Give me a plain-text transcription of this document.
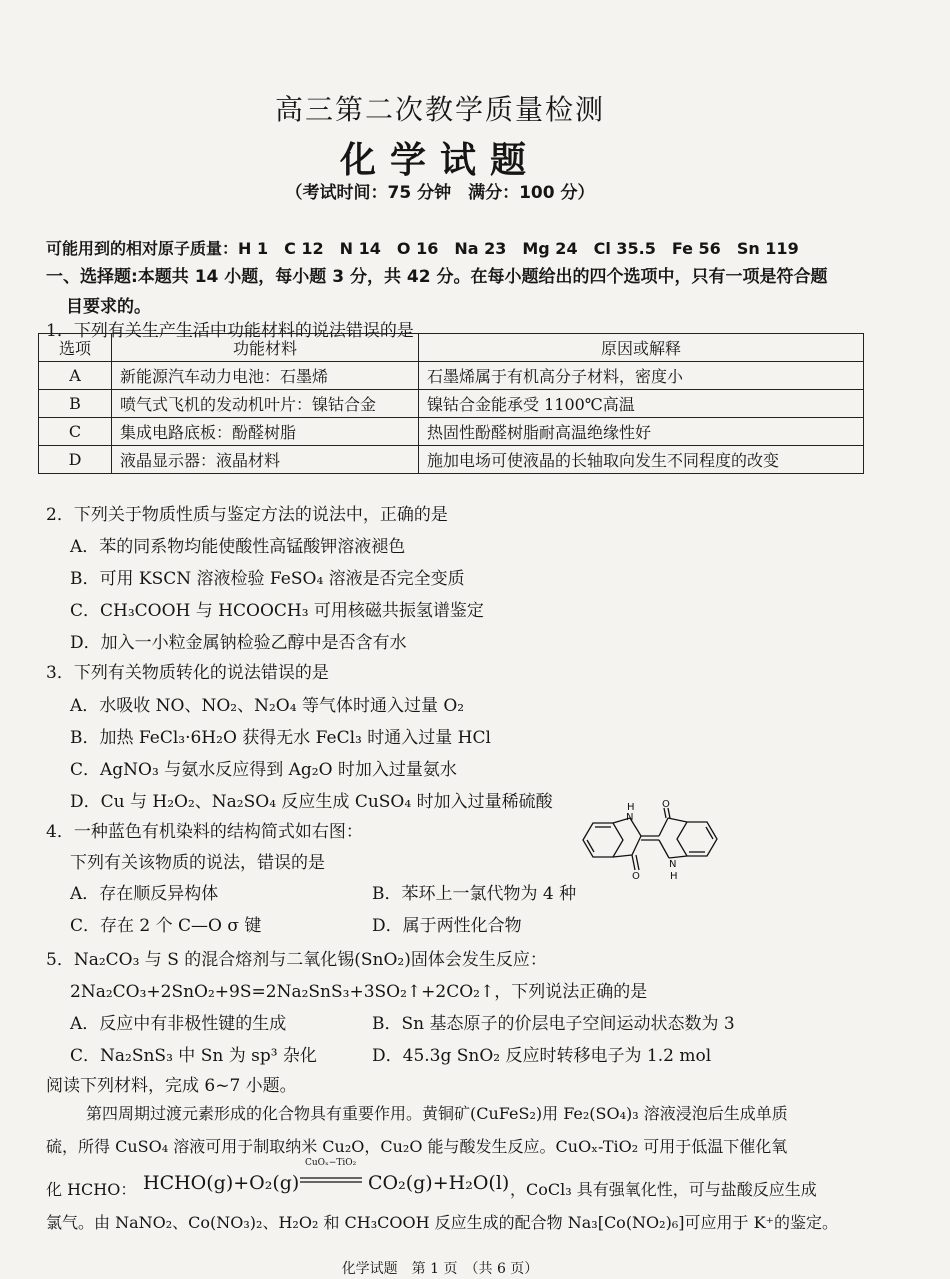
高三第二次教学质量检测
化学试题
（考试时间：75 分钟　满分：100 分）
可能用到的相对原子质量：H 1　C 12　N 14　O 16　Na 23　Mg 24　Cl 35.5　Fe 56　Sn 119
一、选择题:本题共 14 小题，每小题 3 分，共 42 分。在每小题给出的四个选项中，只有一项是符合题
目要求的。
1．下列有关生产生活中功能材料的说法错误的是
选项	功能材料	原因或解释
A	新能源汽车动力电池：石墨烯	石墨烯属于有机高分子材料，密度小
B	喷气式飞机的发动机叶片：镍钴合金	镍钴合金能承受 1100℃高温
C	集成电路底板：酚醛树脂	热固性酚醛树脂耐高温绝缘性好
D	液晶显示器：液晶材料	施加电场可使液晶的长轴取向发生不同程度的改变
2．下列关于物质性质与鉴定方法的说法中，正确的是
A．苯的同系物均能使酸性高锰酸钾溶液褪色
B．可用 KSCN 溶液检验 FeSO₄ 溶液是否完全变质
C．CH₃COOH 与 HCOOCH₃ 可用核磁共振氢谱鉴定
D．加入一小粒金属钠检验乙醇中是否含有水
3．下列有关物质转化的说法错误的是
A．水吸收 NO、NO₂、N₂O₄ 等气体时通入过量 O₂
B．加热 FeCl₃·6H₂O 获得无水 FeCl₃ 时通入过量 HCl
C．AgNO₃ 与氨水反应得到 Ag₂O 时加入过量氨水
D．Cu 与 H₂O₂、Na₂SO₄ 反应生成 CuSO₄ 时加入过量稀硫酸
4．一种蓝色有机染料的结构简式如右图：
下列有关该物质的说法，错误的是
A．存在顺反异构体	B．苯环上一氯代物为 4 种
C．存在 2 个 C—O σ 键	D．属于两性化合物
H
N
O	H
N
O
5．Na₂CO₃ 与 S 的混合熔剂与二氧化锡(SnO₂)固体会发生反应：
2Na₂CO₃+2SnO₂+9S=2Na₂SnS₃+3SO₂↑+2CO₂↑，下列说法正确的是
A．反应中有非极性键的生成	B．Sn 基态原子的价层电子空间运动状态数为 3
C．Na₂SnS₃ 中 Sn 为 sp³ 杂化	D．45.3g SnO₂ 反应时转移电子为 1.2 mol
阅读下列材料，完成 6~7 小题。
第四周期过渡元素形成的化合物具有重要作用。黄铜矿(CuFeS₂)用 Fe₂(SO₄)₃ 溶液浸泡后生成单质
硫，所得 CuSO₄ 溶液可用于制取纳米 Cu₂O，Cu₂O 能与酸发生反应。CuOₓ-TiO₂ 可用于低温下催化氧
化 HCHO： HCHO(g)+O₂(g)
CuOₓ−TiO₂
CO₂(g)+H₂O(l) ，CoCl₃ 具有强氧化性，可与盐酸反应生成
氯气。由 NaNO₂、Co(NO₃)₂、H₂O₂ 和 CH₃COOH 反应生成的配合物 Na₃[Co(NO₂)₆]可应用于 K⁺的鉴定。
化学试题　第 1 页　（共 6 页）
